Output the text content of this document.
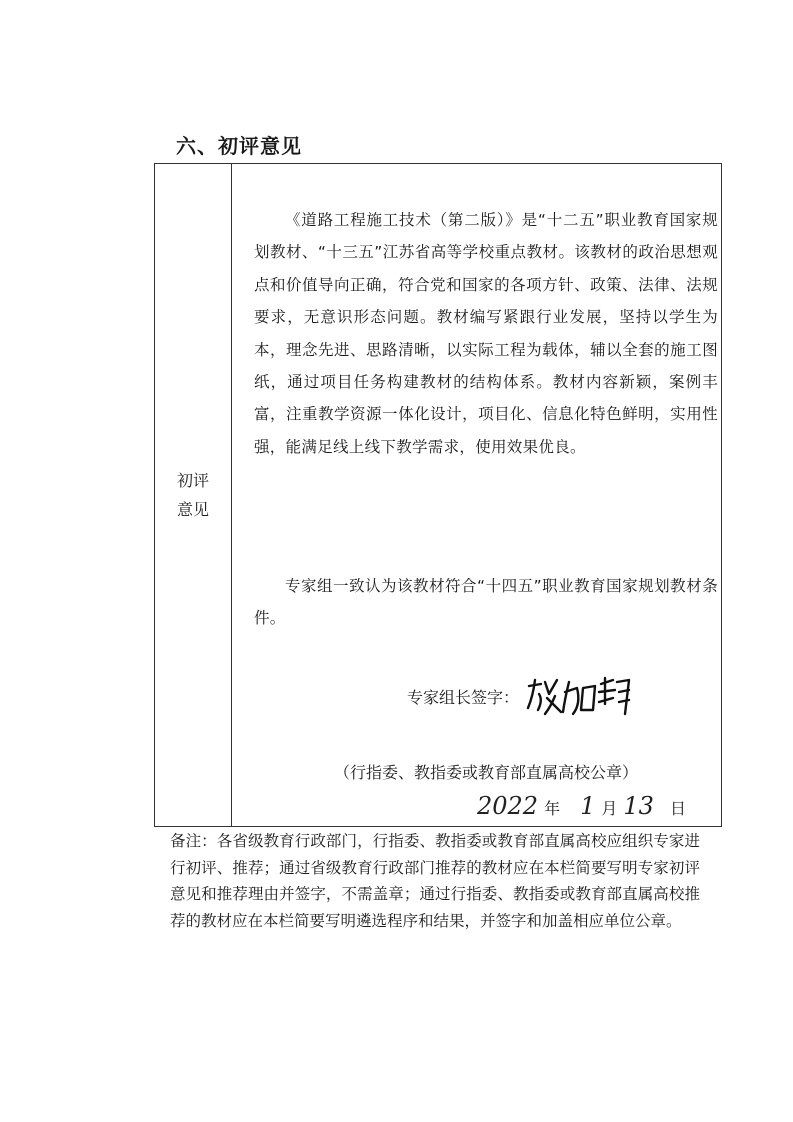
六、初评意见
初评意见

《道路工程施工技术（第二版）》是“十二五”职业教育国家规划教材、“十三五”江苏省高等学校重点教材。该教材的政治思想观点和价值导向正确，符合党和国家的各项方针、政策、法律、法规要求，无意识形态问题。教材编写紧跟行业发展，坚持以学生为本，理念先进、思路清晰，以实际工程为载体，辅以全套的施工图纸，通过项目任务构建教材的结构体系。教材内容新颖，案例丰富，注重教学资源一体化设计，项目化、信息化特色鲜明，实用性强，能满足线上线下教学需求，使用效果优良。

专家组一致认为该教材符合“十四五”职业教育国家规划教材条件。

专家组长签字：
（行指委、教指委或教育部直属高校公章）
2022 年 1 月 13 日

备注：各省级教育行政部门，行指委、教指委或教育部直属高校应组织专家进行初评、推荐；通过省级教育行政部门推荐的教材应在本栏简要写明专家初评意见和推荐理由并签字，不需盖章；通过行指委、教指委或教育部直属高校推荐的教材应在本栏简要写明遴选程序和结果，并签字和加盖相应单位公章。
